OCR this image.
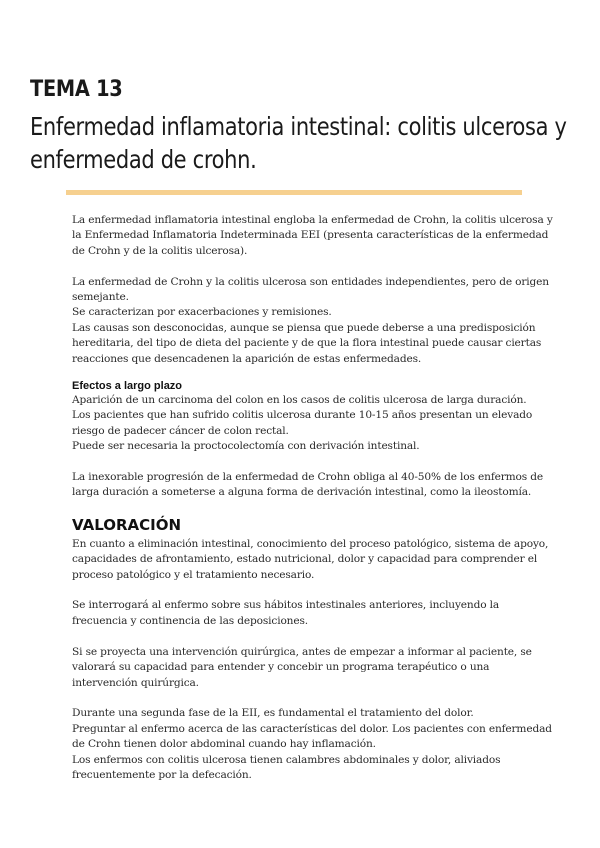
TEMA 13
Enfermedad inflamatoria intestinal: colitis ulcerosa y
enfermedad de crohn.

La enfermedad inflamatoria intestinal engloba la enfermedad de Crohn, la colitis ulcerosa y

la Enfermedad Inflamatoria Indeterminada EEI (presenta características de la enfermedad

de Crohn y de la colitis ulcerosa).

La enfermedad de Crohn y la colitis ulcerosa son entidades independientes, pero de origen

semejante.

Se caracterizan por exacerbaciones y remisiones.

Las causas son desconocidas, aunque se piensa que puede deberse a una predisposición

hereditaria, del tipo de dieta del paciente y de que la flora intestinal puede causar ciertas

reacciones que desencadenen la aparición de estas enfermedades.

Efectos a largo plazo

Aparición de un carcinoma del colon en los casos de colitis ulcerosa de larga duración.

Los pacientes que han sufrido colitis ulcerosa durante 10-15 años presentan un elevado

riesgo de padecer cáncer de colon rectal.

Puede ser necesaria la proctocolectomía con derivación intestinal.

La inexorable progresión de la enfermedad de Crohn obliga al 40-50% de los enfermos de

larga duración a someterse a alguna forma de derivación intestinal, como la ileostomía.

VALORACIÓN

En cuanto a eliminación intestinal, conocimiento del proceso patológico, sistema de apoyo,

capacidades de afrontamiento, estado nutricional, dolor y capacidad para comprender el

proceso patológico y el tratamiento necesario.

Se interrogará al enfermo sobre sus hábitos intestinales anteriores, incluyendo la

frecuencia y continencia de las deposiciones.

Si se proyecta una intervención quirúrgica, antes de empezar a informar al paciente, se

valorará su capacidad para entender y concebir un programa terapéutico o una

intervención quirúrgica.

Durante una segunda fase de la EII, es fundamental el tratamiento del dolor.

Preguntar al enfermo acerca de las características del dolor. Los pacientes con enfermedad

de Crohn tienen dolor abdominal cuando hay inflamación.

Los enfermos con colitis ulcerosa tienen calambres abdominales y dolor, aliviados

frecuentemente por la defecación.
